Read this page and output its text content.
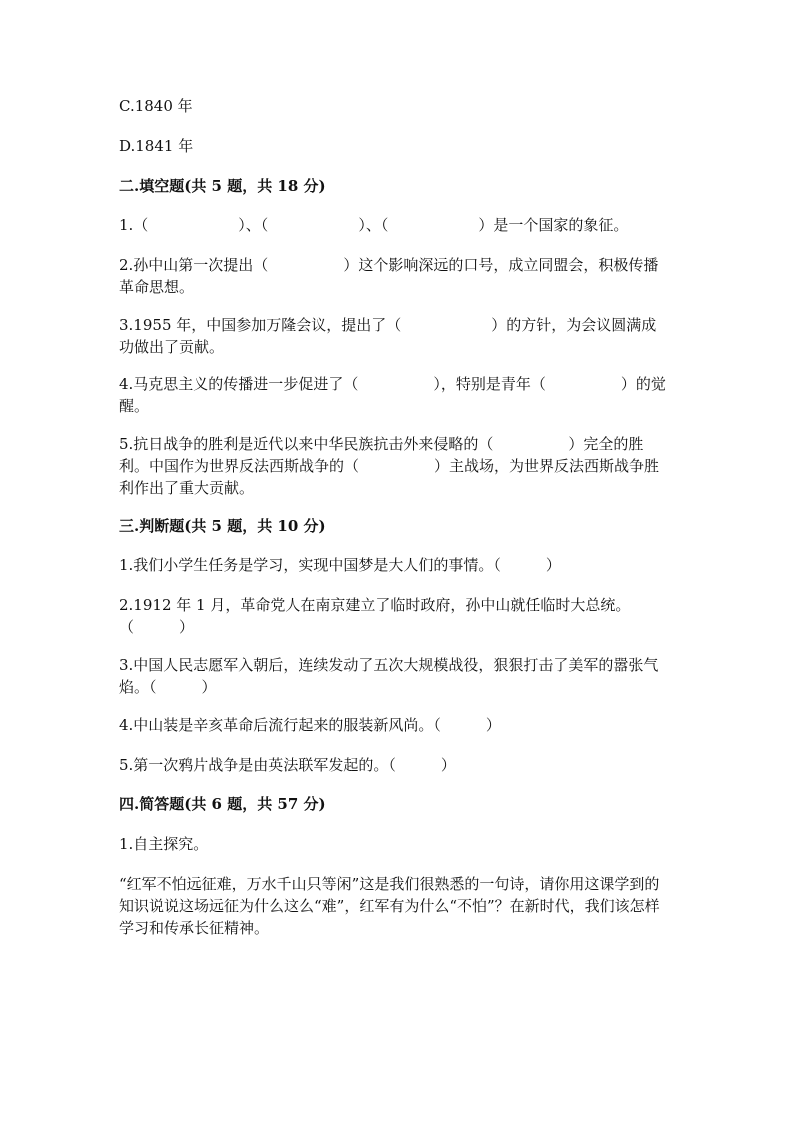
C.1840 年
D.1841 年
二.填空题(共 5 题，共 18 分)
1.（　　　　　　）、（　　　　　　）、（　　　　　　）是一个国家的象征。
2.孙中山第一次提出（　　　　　）这个影响深远的口号，成立同盟会，积极传播革命思想。
3.1955 年，中国参加万隆会议，提出了（　　　　　　）的方针，为会议圆满成功做出了贡献。
4.马克思主义的传播进一步促进了（　　　　　），特别是青年（　　　　　）的觉醒。
5.抗日战争的胜利是近代以来中华民族抗击外来侵略的（　　　　　）完全的胜利。中国作为世界反法西斯战争的（　　　　　）主战场，为世界反法西斯战争胜利作出了重大贡献。
三.判断题(共 5 题，共 10 分)
1.我们小学生任务是学习，实现中国梦是大人们的事情。（　　　）
2.1912 年 1 月，革命党人在南京建立了临时政府，孙中山就任临时大总统。（　　　）
3.中国人民志愿军入朝后，连续发动了五次大规模战役，狠狠打击了美军的嚣张气焰。（　　　）
4.中山装是辛亥革命后流行起来的服装新风尚。（　　　）
5.第一次鸦片战争是由英法联军发起的。（　　　）
四.简答题(共 6 题，共 57 分)
1.自主探究。
“红军不怕远征难，万水千山只等闲”这是我们很熟悉的一句诗，请你用这课学到的知识说说这场远征为什么这么“难”，红军有为什么“不怕”？在新时代，我们该怎样学习和传承长征精神。
